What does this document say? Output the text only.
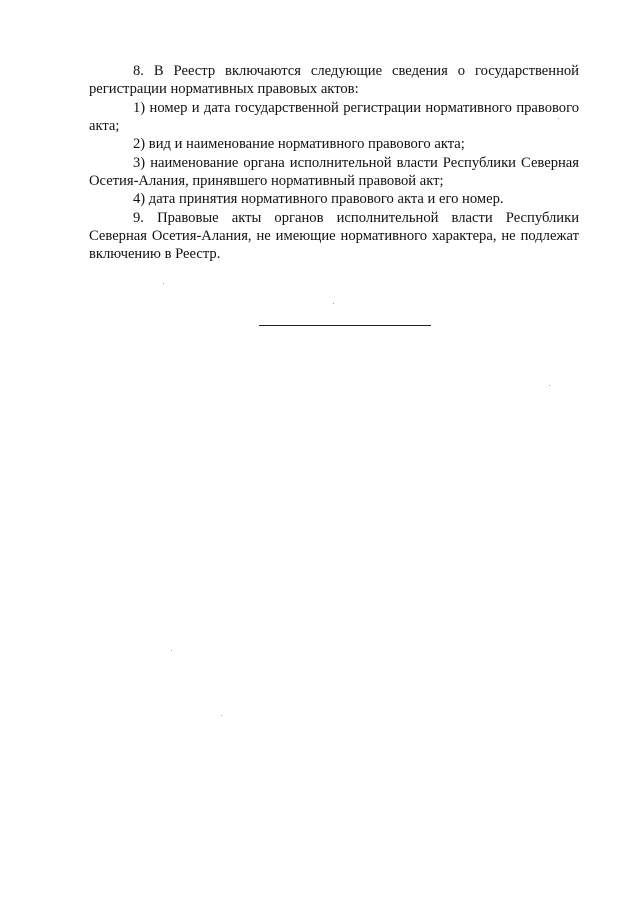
8. В Реестр включаются следующие сведения о государственной регистрации нормативных правовых актов:

1) номер и дата государственной регистрации нормативного правового акта;

2) вид и наименование нормативного правового акта;

3) наименование органа исполнительной власти Республики Северная Осетия-Алания, принявшего нормативный правовой акт;

4) дата принятия нормативного правового акта и его номер.

9. Правовые акты органов исполнительной власти Республики Северная Осетия-Алания, не имеющие нормативного характера, не подлежат включению в Реестр.
